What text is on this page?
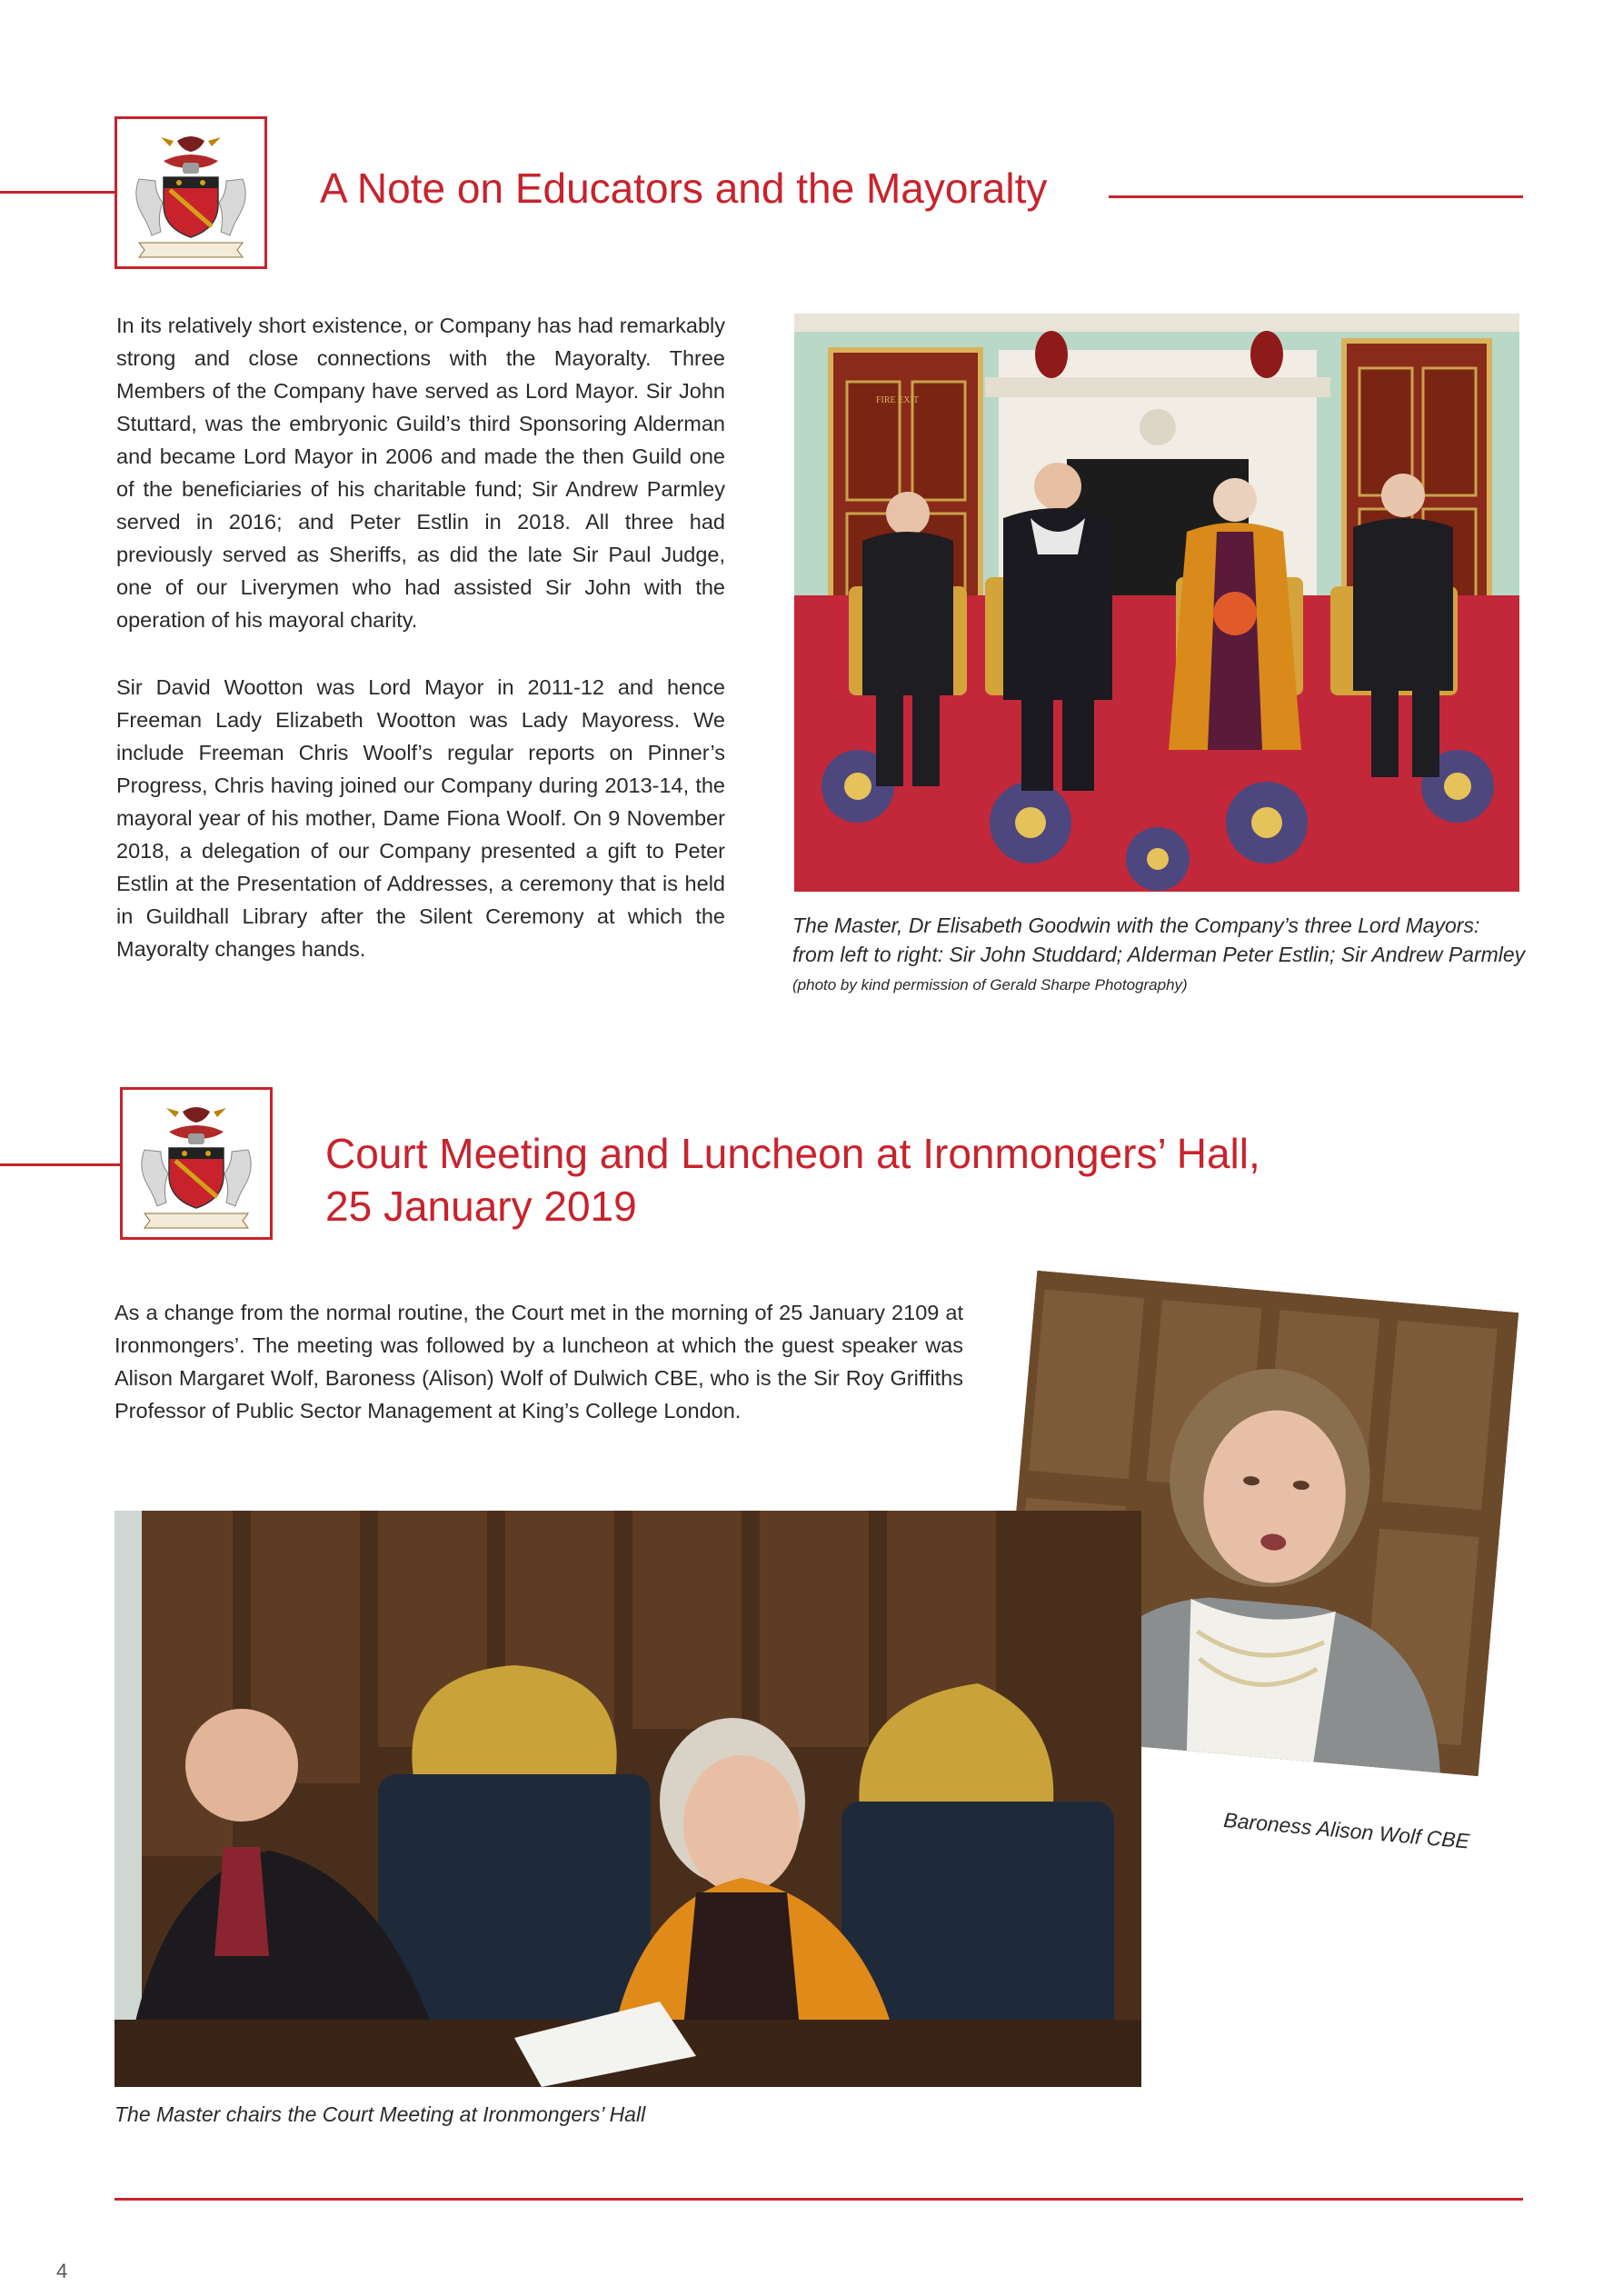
A Note on Educators and the Mayoralty

In its relatively short existence, or Company has had remarkably strong and close connections with the Mayoralty. Three Members of the Company have served as Lord Mayor. Sir John Stuttard, was the embryonic Guild’s third Sponsoring Alderman and became Lord Mayor in 2006 and made the then Guild one of the beneficiaries of his charitable fund; Sir Andrew Parmley served in 2016; and Peter Estlin in 2018. All three had previously served as Sheriffs, as did the late Sir Paul Judge, one of our Liverymen who had assisted Sir John with the operation of his mayoral charity.

Sir David Wootton was Lord Mayor in 2011-12 and hence Freeman Lady Elizabeth Wootton was Lady Mayoress. We include Freeman Chris Woolf’s regular reports on Pinner’s Progress, Chris having joined our Company during 2013-14, the mayoral year of his mother, Dame Fiona Woolf. On 9 November 2018, a delegation of our Company presented a gift to Peter Estlin at the Presentation of Addresses, a ceremony that is held in Guildhall Library after the Silent Ceremony at which the Mayoralty changes hands.

FIRE EXIT

The Master, Dr Elisabeth Goodwin with the Company’s three Lord Mayors:

from left to right: Sir John Studdard; Alderman Peter Estlin; Sir Andrew Parmley

(photo by kind permission of Gerald Sharpe Photography)

Court Meeting and Luncheon at Ironmongers’ Hall,
25 January 2019

As a change from the normal routine, the Court met in the morning of 25 January 2109 at Ironmongers’. The meeting was followed by a luncheon at which the guest speaker was Alison Margaret Wolf, Baroness (Alison) Wolf of Dulwich CBE, who is the Sir Roy Griffiths Professor of Public Sector Management at King’s College London.

Baroness Alison Wolf CBE

The Master chairs the Court Meeting at Ironmongers’ Hall

4
